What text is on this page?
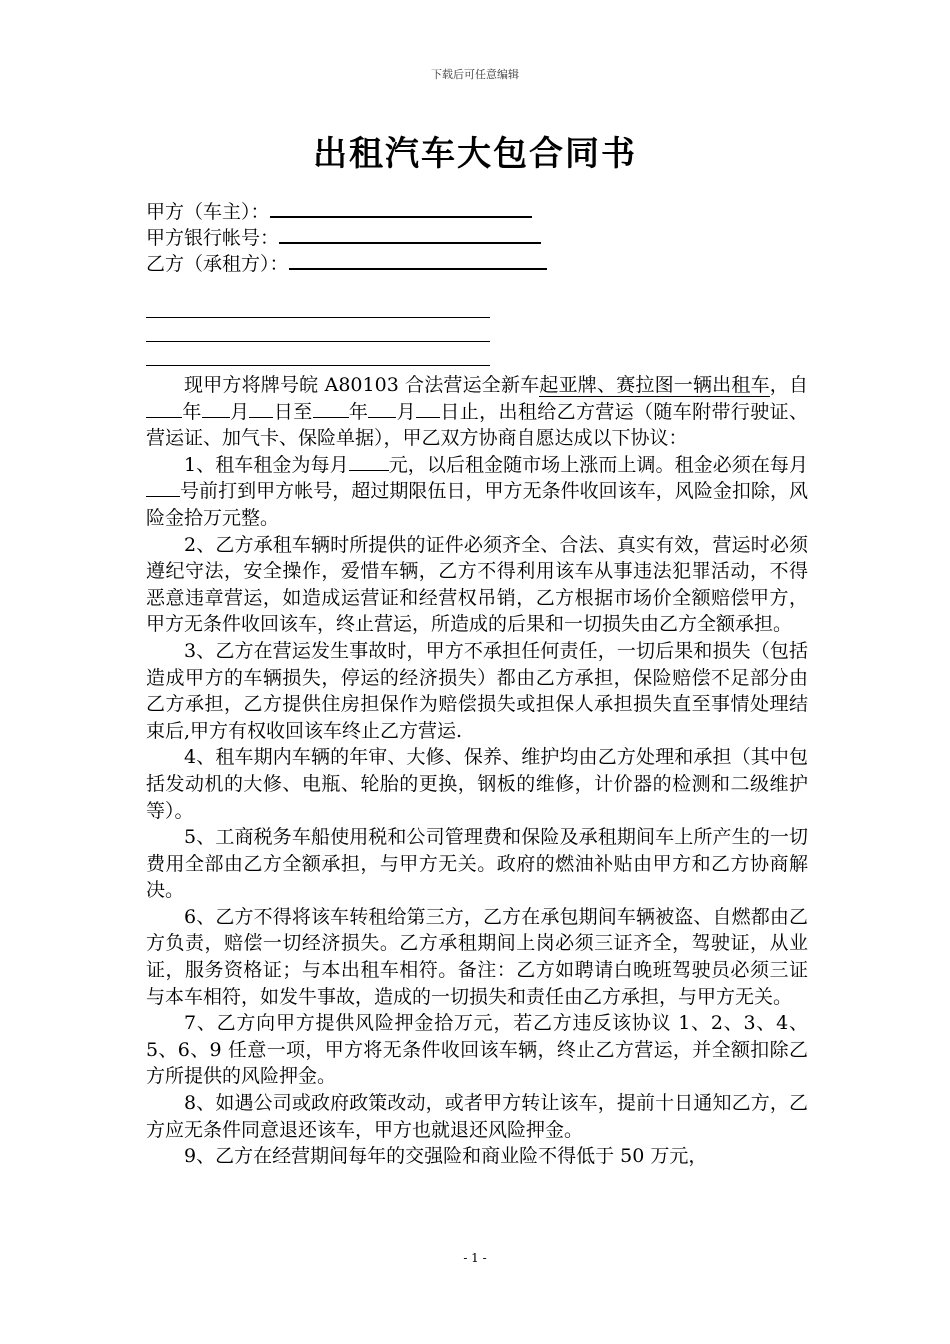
下载后可任意编辑
出租汽车大包合同书
甲方（车主）：
甲方银行帐号：
乙方（承租方）：

现甲方将牌号皖 A80103 合法营运全新车起亚牌、赛拉图一辆出租车，自年 月 日至 年 月 日止，出租给乙方营运（随车附带行驶证、营运证、加气卡、保险单据），甲乙双方协商自愿达成以下协议：

1、租车租金为每月 元，以后租金随市场上涨而上调。租金必须在每月号前打到甲方帐号，超过期限伍日，甲方无条件收回该车，风险金扣除，风险金拾万元整。

2、乙方承租车辆时所提供的证件必须齐全、合法、真实有效，营运时必须遵纪守法，安全操作，爱惜车辆，乙方不得利用该车从事违法犯罪活动，不得恶意违章营运，如造成运营证和经营权吊销，乙方根据市场价全额赔偿甲方，甲方无条件收回该车，终止营运，所造成的后果和一切损失由乙方全额承担。

3、乙方在营运发生事故时，甲方不承担任何责任，一切后果和损失（包括造成甲方的车辆损失，停运的经济损失）都由乙方承担，保险赔偿不足部分由乙方承担，乙方提供住房担保作为赔偿损失或担保人承担损失直至事情处理结束后,甲方有权收回该车终止乙方营运.

4、租车期内车辆的年审、大修、保养、维护均由乙方处理和承担（其中包括发动机的大修、电瓶、轮胎的更换，钢板的维修，计价器的检测和二级维护等）。

5、工商税务车船使用税和公司管理费和保险及承租期间车上所产生的一切费用全部由乙方全额承担，与甲方无关。政府的燃油补贴由甲方和乙方协商解决。

6、乙方不得将该车转租给第三方，乙方在承包期间车辆被盗、自燃都由乙方负责，赔偿一切经济损失。乙方承租期间上岗必须三证齐全，驾驶证，从业证，服务资格证；与本出租车相符。备注：乙方如聘请白晚班驾驶员必须三证与本车相符，如发牛事故，造成的一切损失和责任由乙方承担，与甲方无关。

7、乙方向甲方提供风险押金拾万元，若乙方违反该协议 1、2、3、4、5、6、9 任意一项，甲方将无条件收回该车辆，终止乙方营运，并全额扣除乙方所提供的风险押金。

8、如遇公司或政府政策改动，或者甲方转让该车，提前十日通知乙方，乙方应无条件同意退还该车，甲方也就退还风险押金。

9、乙方在经营期间每年的交强险和商业险不得低于 50 万元，

- 1 -
